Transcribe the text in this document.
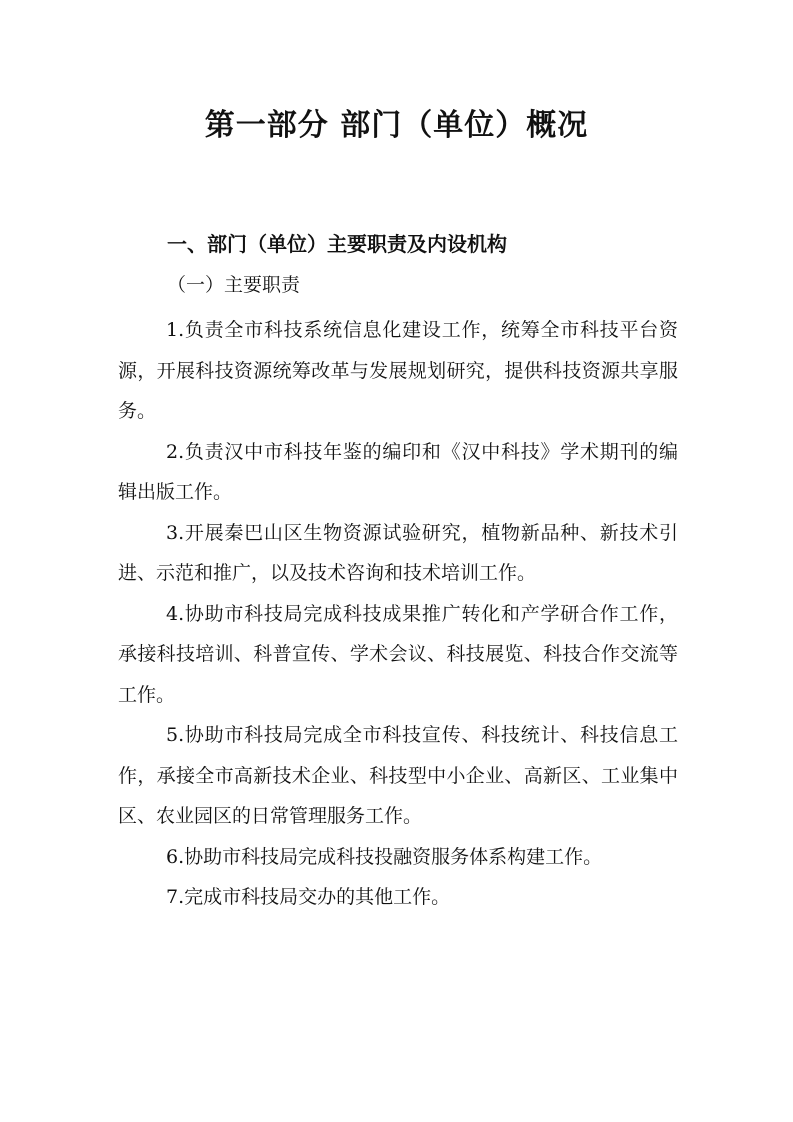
第一部分 部门（单位）概况
一、部门（单位）主要职责及内设机构
（一）主要职责

1.负责全市科技系统信息化建设工作，统筹全市科技平台资源，开展科技资源统筹改革与发展规划研究，提供科技资源共享服务。

2.负责汉中市科技年鉴的编印和《汉中科技》学术期刊的编辑出版工作。

3.开展秦巴山区生物资源试验研究，植物新品种、新技术引进、示范和推广，以及技术咨询和技术培训工作。

4.协助市科技局完成科技成果推广转化和产学研合作工作，承接科技培训、科普宣传、学术会议、科技展览、科技合作交流等工作。

5.协助市科技局完成全市科技宣传、科技统计、科技信息工作，承接全市高新技术企业、科技型中小企业、高新区、工业集中区、农业园区的日常管理服务工作。

6.协助市科技局完成科技投融资服务体系构建工作。

7.完成市科技局交办的其他工作。
